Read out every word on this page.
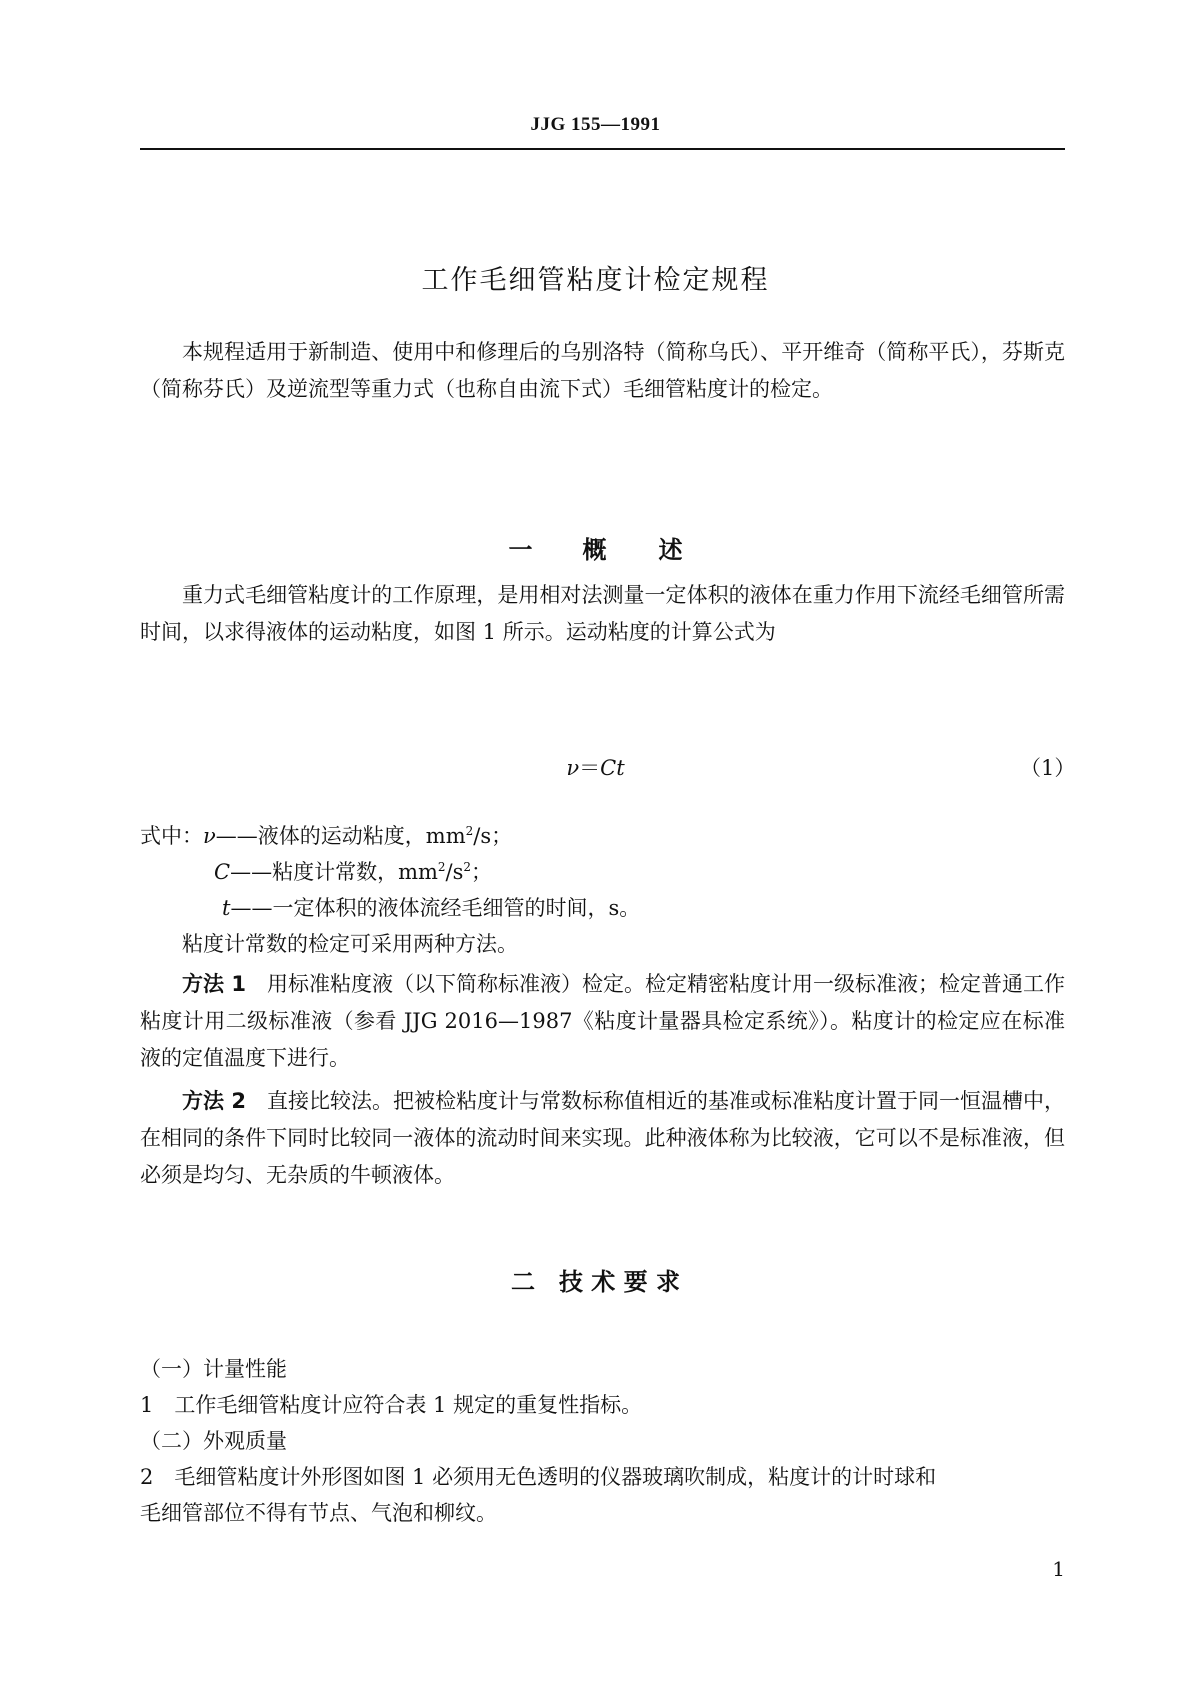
JJG 155—1991
工作毛细管粘度计检定规程
本规程适用于新制造、使用中和修理后的乌别洛特（简称乌氏）、平开维奇（简称平氏），芬斯克（简称芬氏）及逆流型等重力式（也称自由流下式）毛细管粘度计的检定。
一 概 述
重力式毛细管粘度计的工作原理，是用相对法测量一定体积的液体在重力作用下流经毛细管所需时间，以求得液体的运动粘度，如图 1 所示。运动粘度的计算公式为
ν＝Ct	（1）
式中：ν——液体的运动粘度，$mm^2/s$；
C——粘度计常数，$mm^2/s^2$；
t——一定体积的液体流经毛细管的时间，s。
粘度计常数的检定可采用两种方法。
方法 1　 用标准粘度液（以下简称标准液）检定。检定精密粘度计用一级标准液；检定普通工作粘度计用二级标准液（参看 JJG 2016—1987《粘度计量器具检定系统》）。粘度计的检定应在标准液的定值温度下进行。
方法 2　 直接比较法。把被检粘度计与常数标称值相近的基准或标准粘度计置于同一恒温槽中，在相同的条件下同时比较同一液体的流动时间来实现。此种液体称为比较液，它可以不是标准液，但必须是均匀、无杂质的牛顿液体。
二　技 术 要 求
（一）计量性能
1　工作毛细管粘度计应符合表 1 规定的重复性指标。
（二）外观质量
2　毛细管粘度计外形图如图 1 必须用无色透明的仪器玻璃吹制成，粘度计的计时球和
毛细管部位不得有节点、气泡和柳纹。
1
